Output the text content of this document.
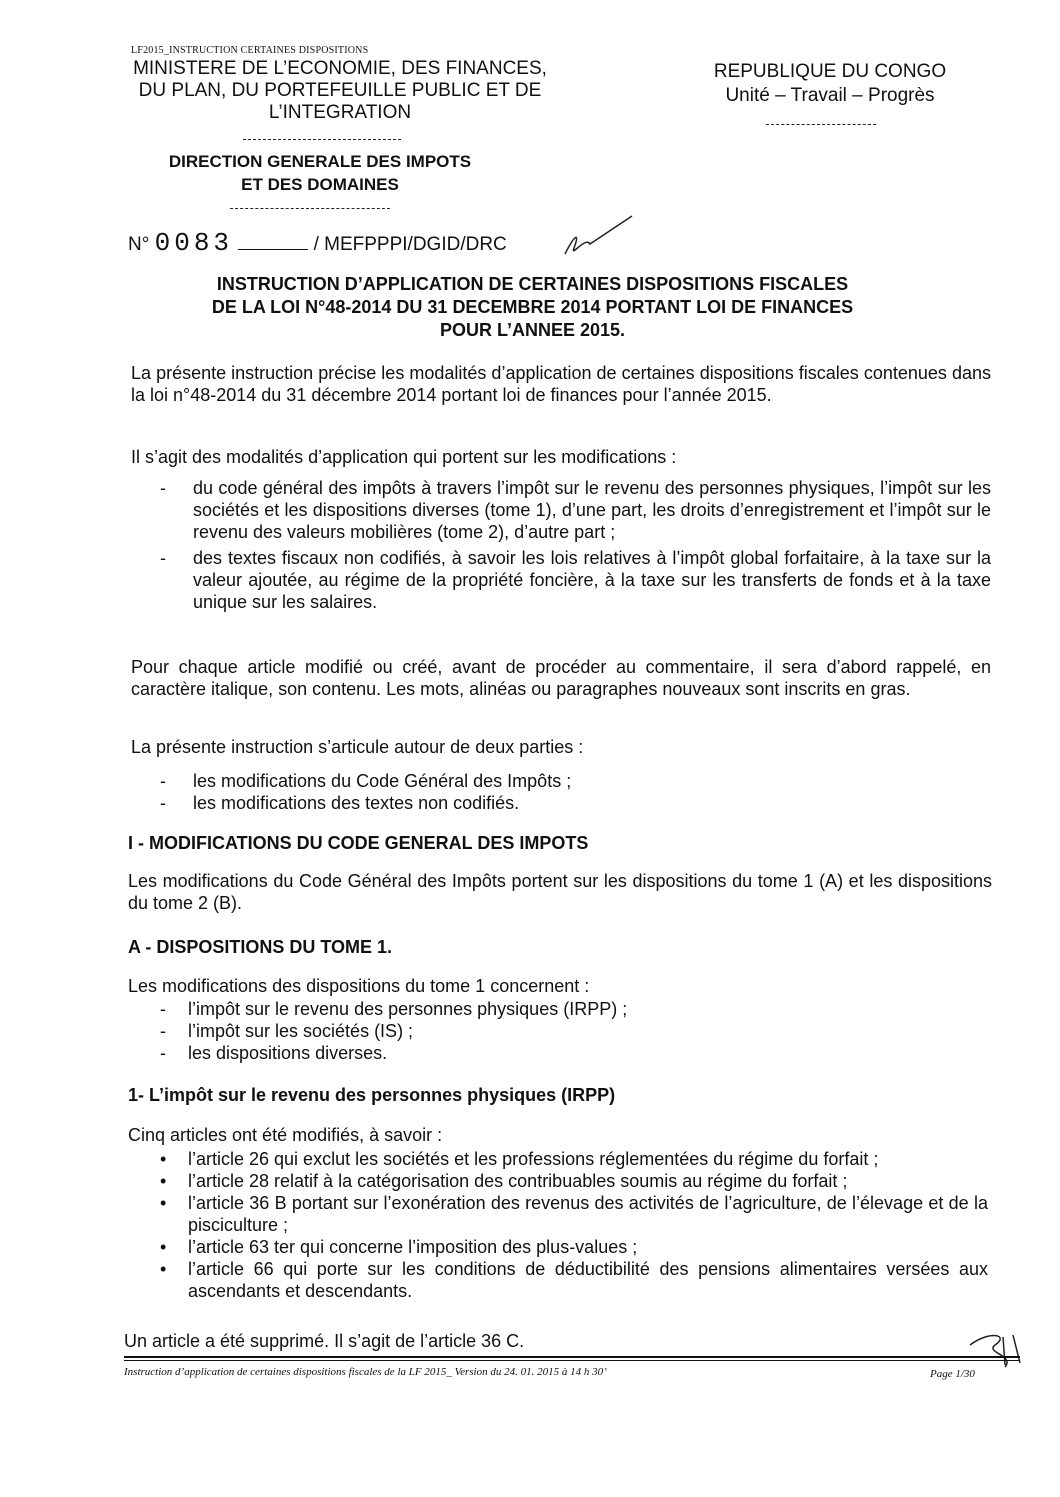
LF2015_INSTRUCTION CERTAINES DISPOSITIONS
MINISTERE DE L’ECONOMIE, DES FINANCES,
DU PLAN, DU PORTEFEUILLE PUBLIC ET DE
L’INTEGRATION
REPUBLIQUE DU CONGO
Unité – Travail – Progrès
DIRECTION GENERALE DES IMPOTS
ET DES DOMAINES
N° 0083	/ MEFPPPI/DGID/DRC
INSTRUCTION D’APPLICATION DE CERTAINES DISPOSITIONS FISCALES
DE LA LOI N°48-2014 DU 31 DECEMBRE 2014 PORTANT LOI DE FINANCES
POUR L’ANNEE 2015.
La présente instruction précise les modalités d’application de certaines dispositions fiscales contenues dans la loi n°48-2014 du 31 décembre 2014 portant loi de finances pour l’année 2015.
Il s’agit des modalités d’application qui portent sur les modifications :
- du code général des impôts à travers l’impôt sur le revenu des personnes physiques, l’impôt sur les sociétés et les dispositions diverses (tome 1), d’une part, les droits d’enregistrement et l’impôt sur le revenu des valeurs mobilières (tome 2), d’autre part ;
- des textes fiscaux non codifiés, à savoir les lois relatives à l’impôt global forfaitaire, à la taxe sur la valeur ajoutée, au régime de la propriété foncière, à la taxe sur les transferts de fonds et à la taxe unique sur les salaires.
Pour chaque article modifié ou créé, avant de procéder au commentaire, il sera d’abord rappelé, en caractère italique, son contenu. Les mots, alinéas ou paragraphes nouveaux sont inscrits en gras.
La présente instruction s’articule autour de deux parties :
- les modifications du Code Général des Impôts ;
- les modifications des textes non codifiés.
I - MODIFICATIONS DU CODE GENERAL DES IMPOTS
Les modifications du Code Général des Impôts portent sur les dispositions du tome 1 (A) et les dispositions du tome 2 (B).
A - DISPOSITIONS DU TOME 1.
Les modifications des dispositions du tome 1 concernent :
- l’impôt sur le revenu des personnes physiques (IRPP) ;
- l’impôt sur les sociétés (IS) ;
- les dispositions diverses.
1- L’impôt sur le revenu des personnes physiques (IRPP)
Cinq articles ont été modifiés, à savoir :
• l’article 26 qui exclut les sociétés et les professions réglementées du régime du forfait ;
• l’article 28 relatif à la catégorisation des contribuables soumis au régime du forfait ;
• l’article 36 B portant sur l’exonération des revenus des activités de l’agriculture, de l’élevage et de la pisciculture ;
• l’article 63 ter qui concerne l’imposition des plus-values ;
• l’article 66 qui porte sur les conditions de déductibilité des pensions alimentaires versées aux ascendants et descendants.
Un article a été supprimé. Il s’agit de l’article 36 C.
Instruction d’application de certaines dispositions fiscales de la LF 2015_ Version du 24. 01. 2015 à 14 h 30’	Page 1/30
